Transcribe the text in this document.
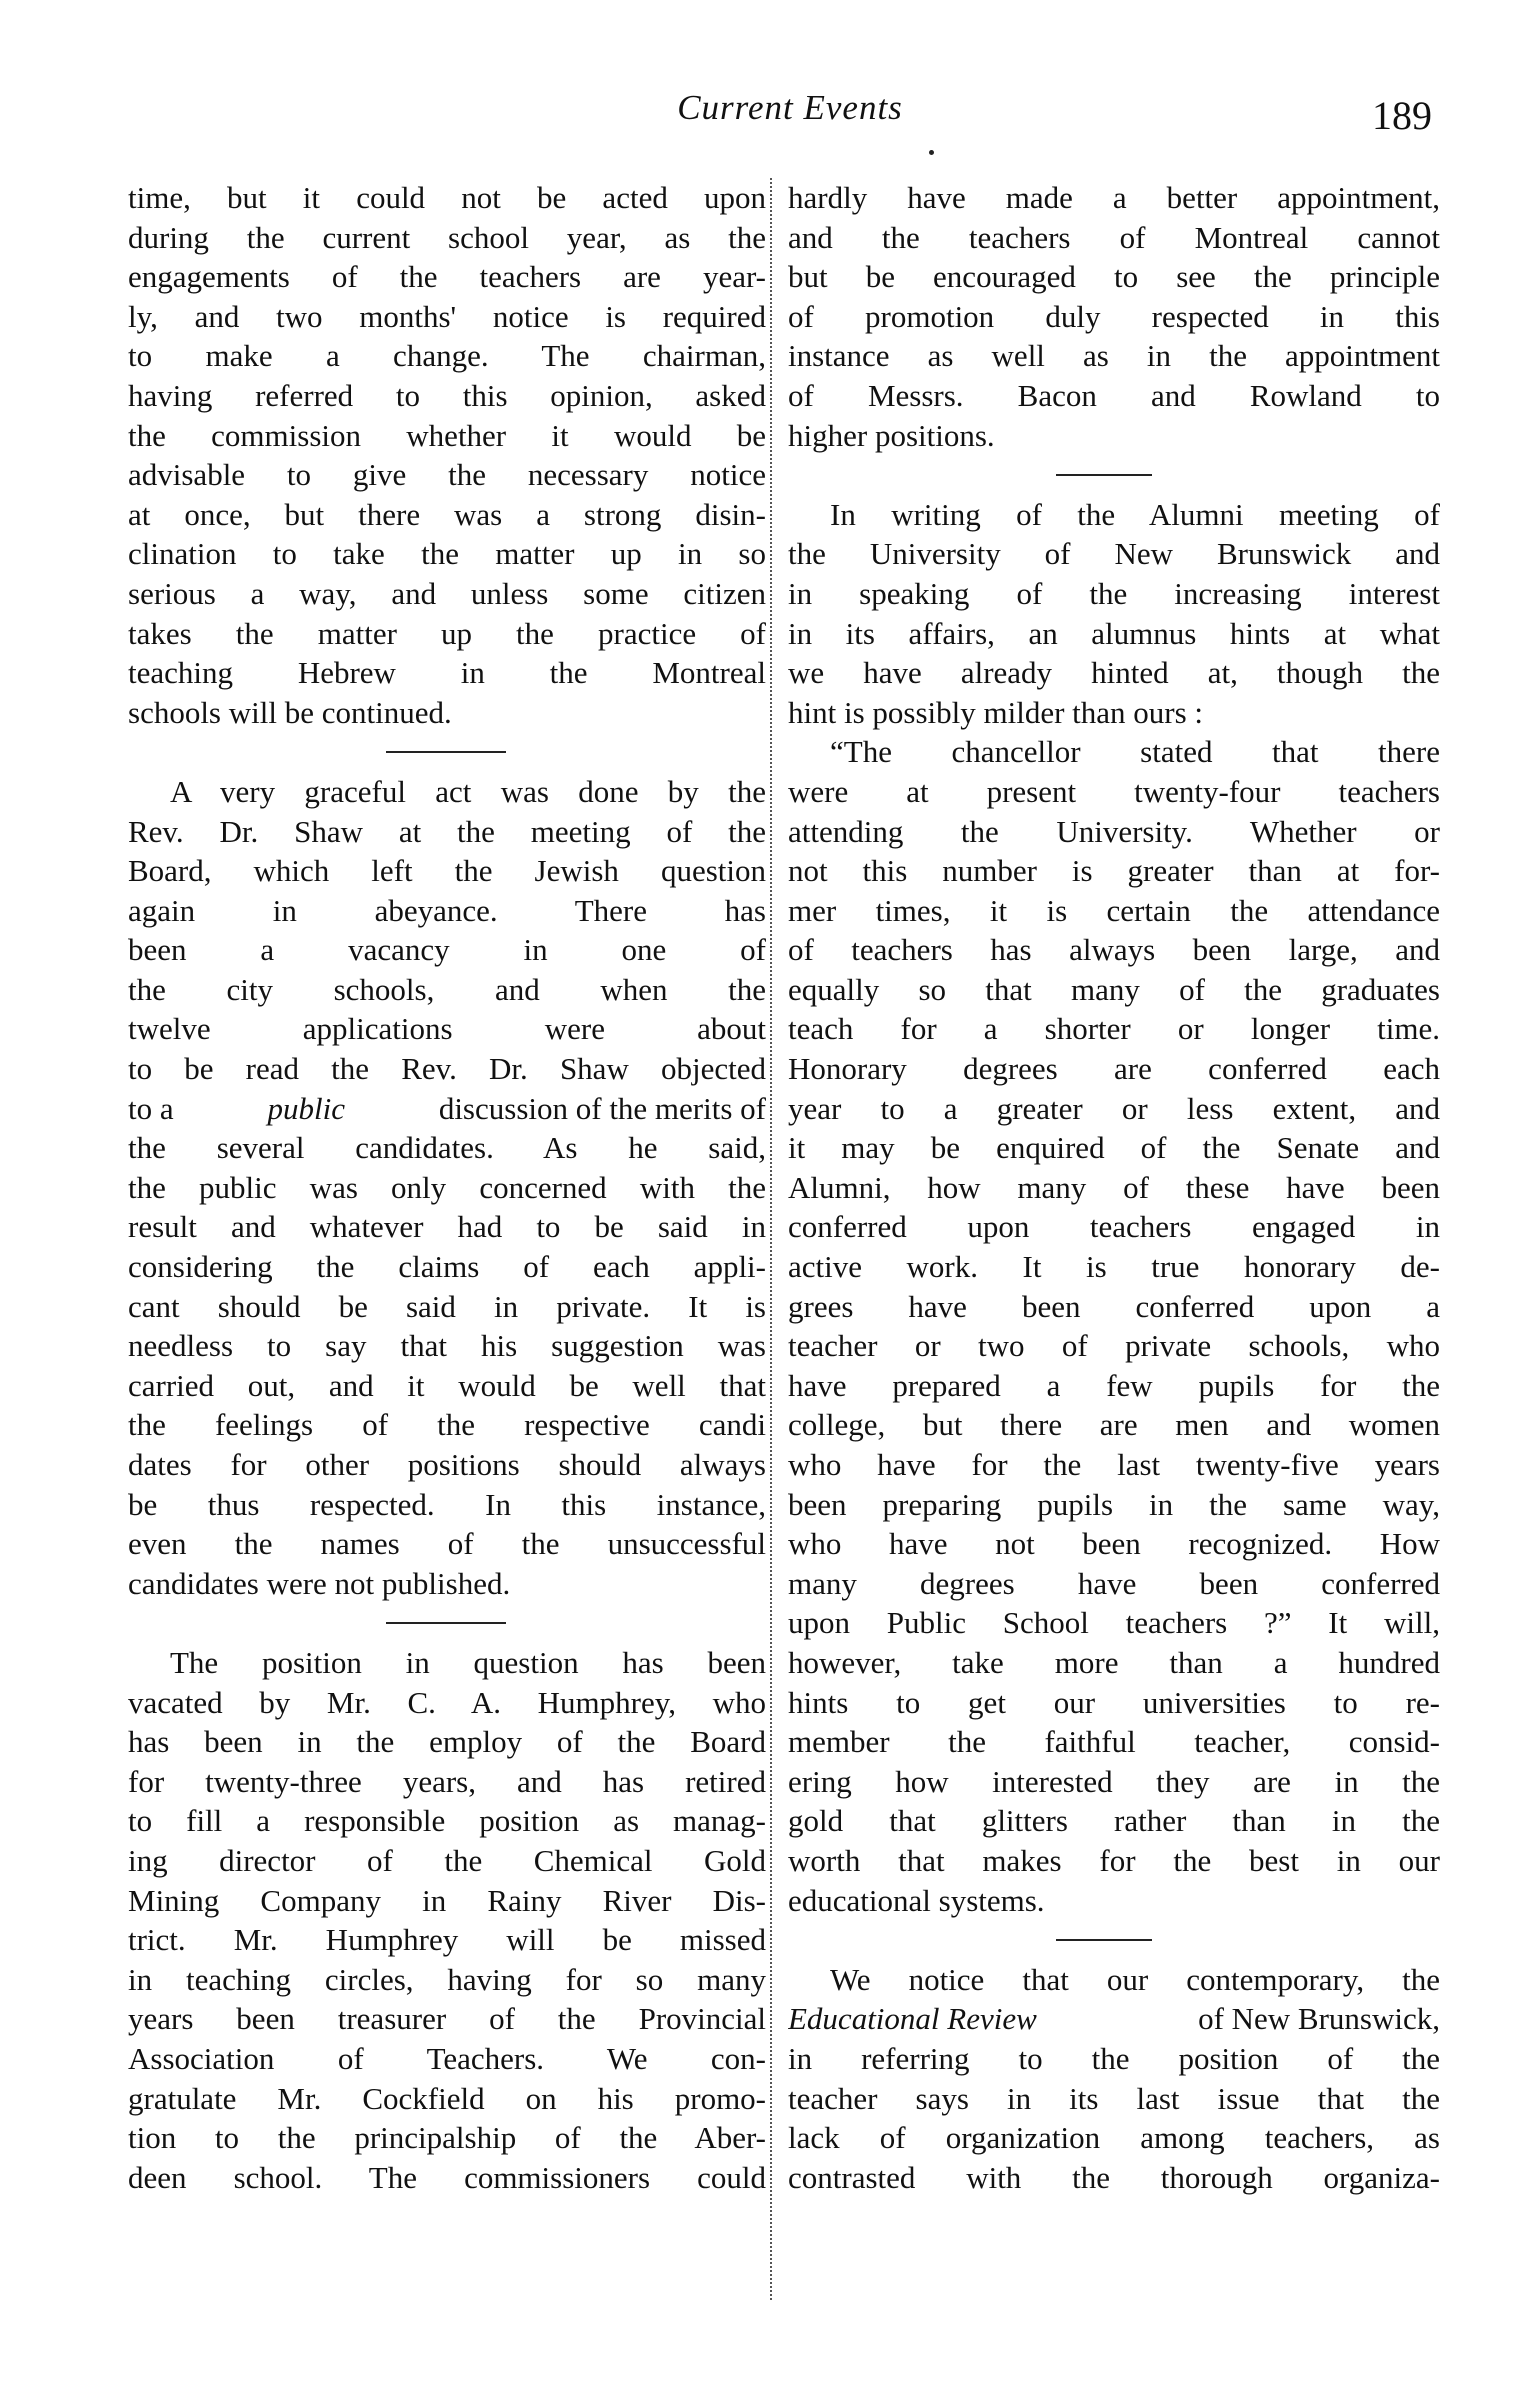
Current Events	189
time, but it could not be acted upon
during the current school year, as the
engagements of the teachers are year-
ly, and two months' notice is required
to make a change. The chairman,
having referred to this opinion, asked
the commission whether it would be
advisable to give the necessary notice
at once, but there was a strong disin-
clination to take the matter up in so
serious a way, and unless some citizen
takes the matter up the practice of
teaching Hebrew in the Montreal
schools will be continued.
A very graceful act was done by the
Rev. Dr. Shaw at the meeting of the
Board, which left the Jewish question
again in abeyance. There has
been a vacancy in one of
the city schools, and when the
twelve applications were about
to be read the Rev. Dr. Shaw objected
to a	public	discussion of the merits of
the several candidates. As he said,
the public was only concerned with the
result and whatever had to be said in
considering the claims of each appli-
cant should be said in private. It is
needless to say that his suggestion was
carried out, and it would be well that
the feelings of the respective candi
dates for other positions should always
be thus respected. In this instance,
even the names of the unsuccessful
candidates were not published.
The position in question has been
vacated by Mr. C. A. Humphrey, who
has been in the employ of the Board
for twenty-three years, and has retired
to fill a responsible position as manag-
ing director of the Chemical Gold
Mining Company in Rainy River Dis-
trict. Mr. Humphrey will be missed
in teaching circles, having for so many
years been treasurer of the Provincial
Association of Teachers. We con-
gratulate Mr. Cockfield on his promo-
tion to the principalship of the Aber-
deen school. The commissioners could
hardly have made a better appointment,
and the teachers of Montreal cannot
but be encouraged to see the principle
of promotion duly respected in this
instance as well as in the appointment
of Messrs. Bacon and Rowland to
higher positions.
In writing of the Alumni meeting of
the University of New Brunswick and
in speaking of the increasing interest
in its affairs, an alumnus hints at what
we have already hinted at, though the
hint is possibly milder than ours :
“The chancellor stated that there
were at present twenty-four teachers
attending the University. Whether or
not this number is greater than at for-
mer times, it is certain the attendance
of teachers has always been large, and
equally so that many of the graduates
teach for a shorter or longer time.
Honorary degrees are conferred each
year to a greater or less extent, and
it may be enquired of the Senate and
Alumni, how many of these have been
conferred upon teachers engaged in
active work. It is true honorary de-
grees have been conferred upon a
teacher or two of private schools, who
have prepared a few pupils for the
college, but there are men and women
who have for the last twenty-five years
been preparing pupils in the same way,
who have not been recognized. How
many degrees have been conferred
upon Public School teachers ?” It will,
however, take more than a hundred
hints to get our universities to re-
member the faithful teacher, consid-
ering how interested they are in the
gold that glitters rather than in the
worth that makes for the best in our
educational systems.
We notice that our contemporary, the
Educational Review	of New Brunswick,
in referring to the position of the
teacher says in its last issue that the
lack of organization among teachers, as
contrasted with the thorough organiza-
